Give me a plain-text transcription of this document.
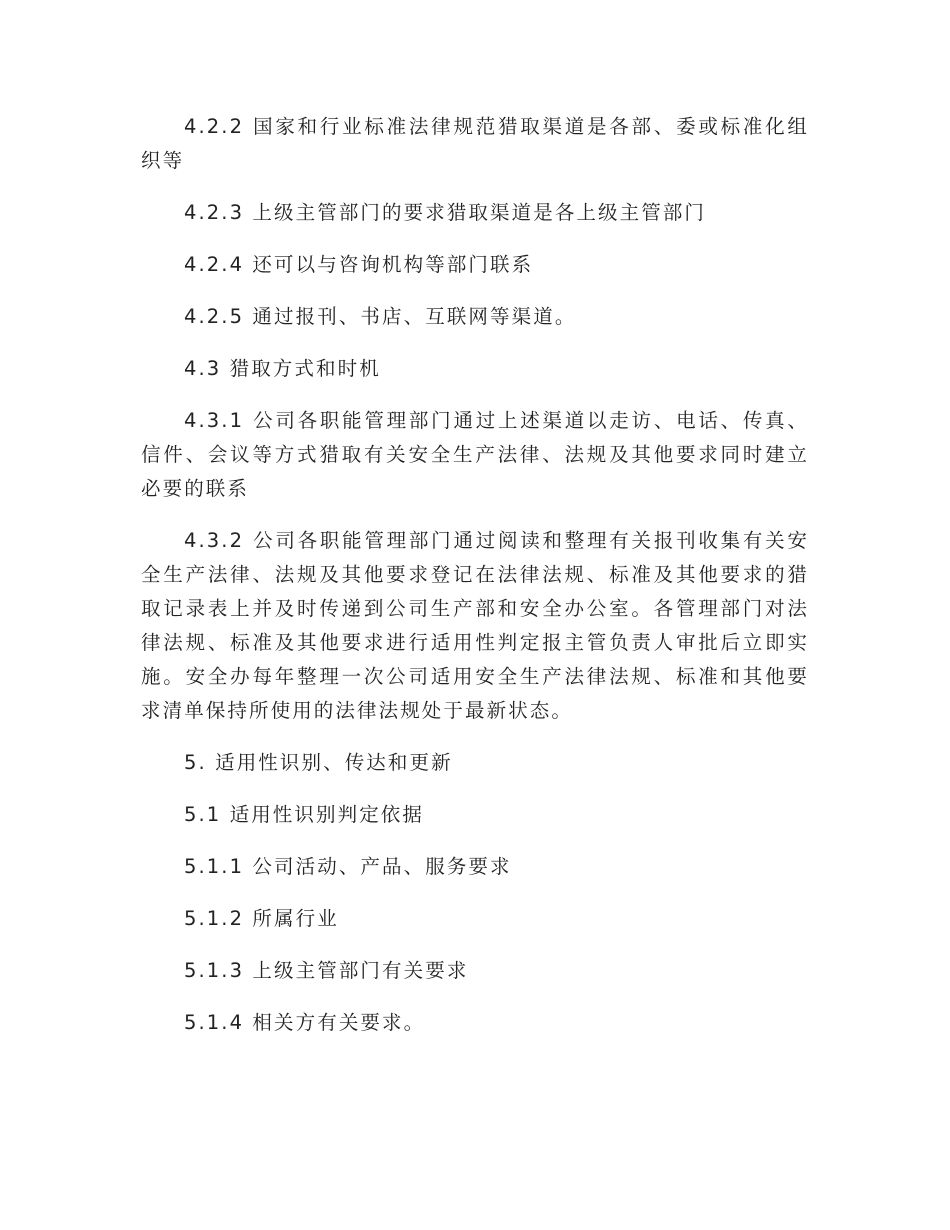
4.2.2 国家和行业标准法律规范猎取渠道是各部、委或标准化组织等

4.2.3 上级主管部门的要求猎取渠道是各上级主管部门

4.2.4 还可以与咨询机构等部门联系

4.2.5 通过报刊、书店、互联网等渠道。

4.3 猎取方式和时机

4.3.1 公司各职能管理部门通过上述渠道以走访、电话、传真、信件、会议等方式猎取有关安全生产法律、法规及其他要求同时建立必要的联系

4.3.2 公司各职能管理部门通过阅读和整理有关报刊收集有关安全生产法律、法规及其他要求登记在法律法规、标准及其他要求的猎取记录表上并及时传递到公司生产部和安全办公室。各管理部门对法律法规、标准及其他要求进行适用性判定报主管负责人审批后立即实施。安全办每年整理一次公司适用安全生产法律法规、标准和其他要求清单保持所使用的法律法规处于最新状态。

5. 适用性识别、传达和更新

5.1 适用性识别判定依据

5.1.1 公司活动、产品、服务要求

5.1.2 所属行业

5.1.3 上级主管部门有关要求

5.1.4 相关方有关要求。
